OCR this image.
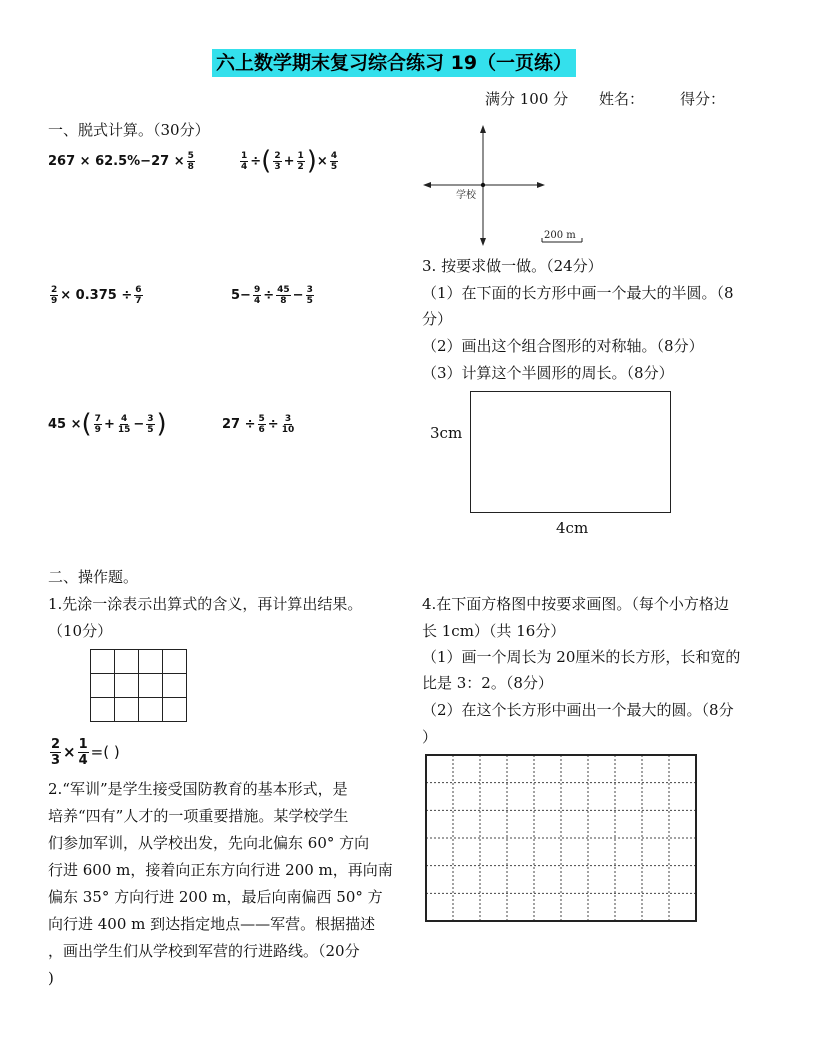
六上数学期末复习综合练习 19（一页练）
满分 100 分 姓名： 得分：
一、脱式计算。（30分）
$267 \times 62.5\%-27 \times \frac{5}{8}$	$\frac{1}{4}$ ÷ ( $\frac{2}{3} + \frac{1}{2}$ ) × $\frac{4}{5}$
$\frac{2}{9} \times 0.375 \div \frac{6}{7}$	$5- \frac{9}{4} \div \frac{45}{8} - \frac{3}{5}$
45 × ( $\frac{7}{9} + \frac{4}{15} - \frac{3}{5}$ )	$27 \div \frac{5}{6} \div \frac{3}{10}$
学校
200 m
3. 按要求做一做。（24分）
（1）在下面的长方形中画一个最大的半圆。（8
分）
（2）画出这个组合图形的对称轴。（8分）
（3）计算这个半圆形的周长。（8分）
3cm
4cm
二、操作题。
1.先涂一涂表示出算式的含义，再计算出结果。
（10分）

$\frac{2}{3} \times \frac{1}{4}$ =( )
2.“军训”是学生接受国防教育的基本形式，是
培养“四有”人才的一项重要措施。某学校学生
们参加军训，从学校出发，先向北偏东 60° 方向
行进 600 m，接着向正东方向行进 200 m，再向南
偏东 35° 方向行进 200 m，最后向南偏西 50° 方
向行进 400 m 到达指定地点——军营。根据描述
，画出学生们从学校到军营的行进路线。（20分
)
4.在下面方格图中按要求画图。（每个小方格边
长 1cm）（共 16分）
（1）画一个周长为 20厘米的长方形，长和宽的
比是 3：2。（8分）
（2）在这个长方形中画出一个最大的圆。（8分
）
